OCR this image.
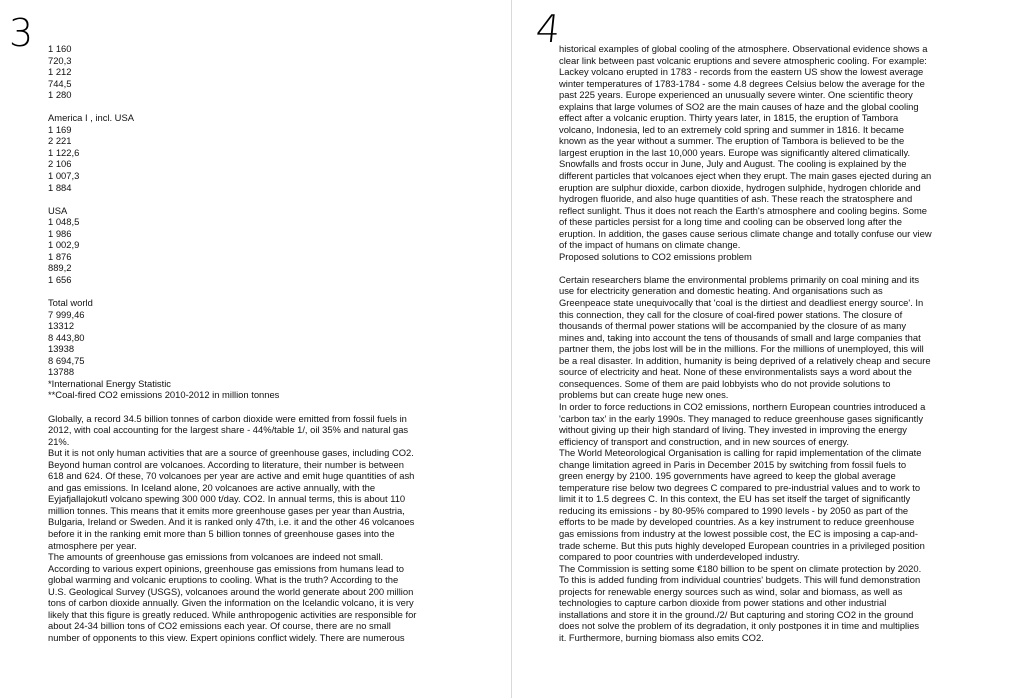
3 1 160
720,3
1 212
744,5
1 280
America I , incl. USA
1 169
2 221
1 122,6
2 106
1 007,3
1 884
USA
1 048,5
1 986
1 002,9
1 876
889,2
1 656
Total world
7 999,46
13312
8 443,80
13938
8 694,75
13788
*International Energy Statistic
**Coal-fired CO2 emissions 2010-2012 in million tonnes
Globally, a record 34.5 billion tonnes of carbon dioxide were emitted from fossil fuels in
2012, with coal accounting for the largest share - 44%/table 1/, oil 35% and natural gas
21%.
But it is not only human activities that are a source of greenhouse gases, including CO2.
Beyond human control are volcanoes. According to literature, their number is between
618 and 624. Of these, 70 volcanoes per year are active and emit huge quantities of ash
and gas emissions. In Iceland alone, 20 volcanoes are active annually, with the
Eyjafjallajokutl volcano spewing 300 000 t/day. CO2. In annual terms, this is about 110
million tonnes. This means that it emits more greenhouse gases per year than Austria,
Bulgaria, Ireland or Sweden. And it is ranked only 47th, i.e. it and the other 46 volcanoes
before it in the ranking emit more than 5 billion tonnes of greenhouse gases into the
atmosphere per year.
The amounts of greenhouse gas emissions from volcanoes are indeed not small.
According to various expert opinions, greenhouse gas emissions from humans lead to
global warming and volcanic eruptions to cooling. What is the truth? According to the
U.S. Geological Survey (USGS), volcanoes around the world generate about 200 million
tons of carbon dioxide annually. Given the information on the Icelandic volcano, it is very
likely that this figure is greatly reduced. While anthropogenic activities are responsible for
about 24-34 billion tons of CO2 emissions each year. Of course, there are no small
number of opponents to this view. Expert opinions conflict widely. There are numerous
4
historical examples of global cooling of the atmosphere. Observational evidence shows a
clear link between past volcanic eruptions and severe atmospheric cooling. For example:
Lackey volcano erupted in 1783 - records from the eastern US show the lowest average
winter temperatures of 1783-1784 - some 4.8 degrees Celsius below the average for the
past 225 years. Europe experienced an unusually severe winter. One scientific theory
explains that large volumes of SO2 are the main causes of haze and the global cooling
effect after a volcanic eruption. Thirty years later, in 1815, the eruption of Tambora
volcano, Indonesia, led to an extremely cold spring and summer in 1816. It became
known as the year without a summer. The eruption of Tambora is believed to be the
largest eruption in the last 10,000 years. Europe was significantly altered climatically.
Snowfalls and frosts occur in June, July and August. The cooling is explained by the
different particles that volcanoes eject when they erupt. The main gases ejected during an
eruption are sulphur dioxide, carbon dioxide, hydrogen sulphide, hydrogen chloride and
hydrogen fluoride, and also huge quantities of ash. These reach the stratosphere and
reflect sunlight. Thus it does not reach the Earth's atmosphere and cooling begins. Some
of these particles persist for a long time and cooling can be observed long after the
eruption. In addition, the gases cause serious climate change and totally confuse our view
of the impact of humans on climate change.
Proposed solutions to CO2 emissions problem
Certain researchers blame the environmental problems primarily on coal mining and its
use for electricity generation and domestic heating. And organisations such as
Greenpeace state unequivocally that 'coal is the dirtiest and deadliest energy source'. In
this connection, they call for the closure of coal-fired power stations. The closure of
thousands of thermal power stations will be accompanied by the closure of as many
mines and, taking into account the tens of thousands of small and large companies that
partner them, the jobs lost will be in the millions. For the millions of unemployed, this will
be a real disaster. In addition, humanity is being deprived of a relatively cheap and secure
source of electricity and heat. None of these environmentalists says a word about the
consequences. Some of them are paid lobbyists who do not provide solutions to
problems but can create huge new ones.
In order to force reductions in CO2 emissions, northern European countries introduced a
'carbon tax' in the early 1990s. They managed to reduce greenhouse gases significantly
without giving up their high standard of living. They invested in improving the energy
efficiency of transport and construction, and in new sources of energy.
The World Meteorological Organisation is calling for rapid implementation of the climate
change limitation agreed in Paris in December 2015 by switching from fossil fuels to
green energy by 2100. 195 governments have agreed to keep the global average
temperature rise below two degrees C compared to pre-industrial values and to work to
limit it to 1.5 degrees C. In this context, the EU has set itself the target of significantly
reducing its emissions - by 80-95% compared to 1990 levels - by 2050 as part of the
efforts to be made by developed countries. As a key instrument to reduce greenhouse
gas emissions from industry at the lowest possible cost, the EC is imposing a cap-and-
trade scheme. But this puts highly developed European countries in a privileged position
compared to poor countries with underdeveloped industry.
The Commission is setting some €180 billion to be spent on climate protection by 2020.
To this is added funding from individual countries' budgets. This will fund demonstration
projects for renewable energy sources such as wind, solar and biomass, as well as
technologies to capture carbon dioxide from power stations and other industrial
installations and store it in the ground./2/ But capturing and storing CO2 in the ground
does not solve the problem of its degradation, it only postpones it in time and multiplies
it. Furthermore, burning biomass also emits CO2.
